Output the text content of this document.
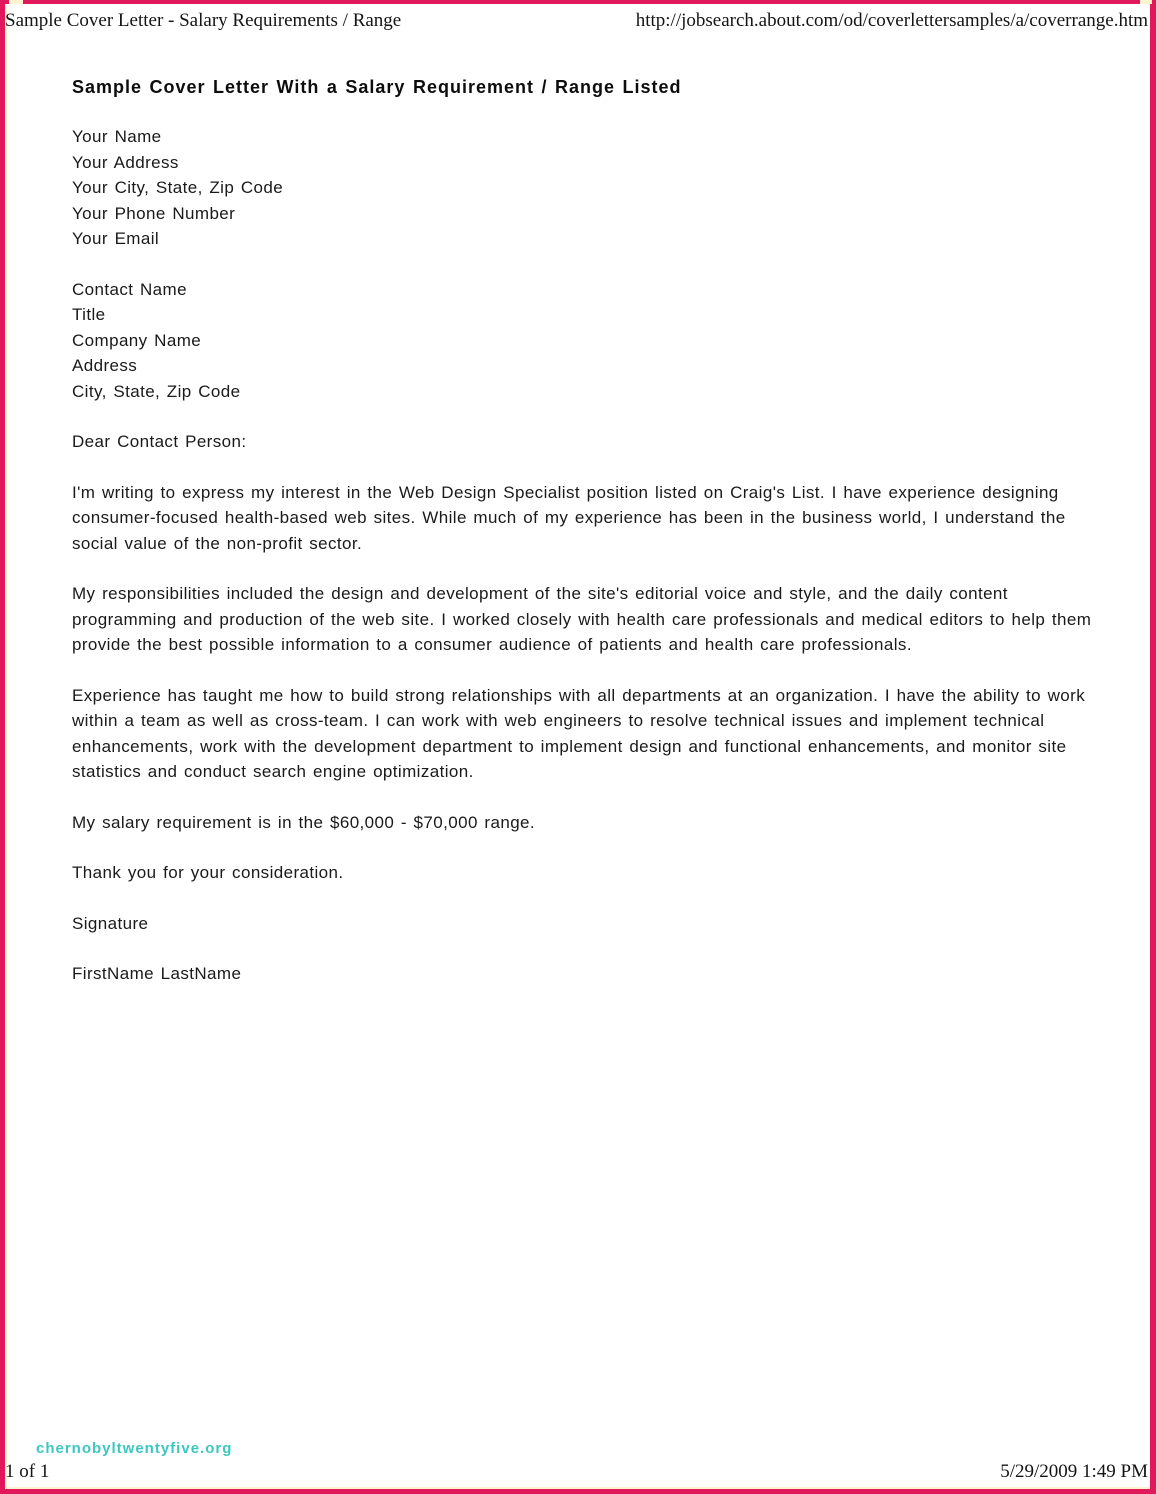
Sample Cover Letter - Salary Requirements / Range	http://jobsearch.about.com/od/coverlettersamples/a/coverrange.htm
Sample Cover Letter With a Salary Requirement / Range Listed
Your Name
Your Address
Your City, State, Zip Code
Your Phone Number
Your Email
Contact Name
Title
Company Name
Address
City, State, Zip Code

Dear Contact Person:

I'm writing to express my interest in the Web Design Specialist position listed on Craig's List. I have experience designing consumer-focused health-based web sites. While much of my experience has been in the business world, I understand the social value of the non-profit sector.

My responsibilities included the design and development of the site's editorial voice and style, and the daily content programming and production of the web site. I worked closely with health care professionals and medical editors to help them provide the best possible information to a consumer audience of patients and health care professionals.

Experience has taught me how to build strong relationships with all departments at an organization. I have the ability to work within a team as well as cross-team. I can work with web engineers to resolve technical issues and implement technical enhancements, work with the development department to implement design and functional enhancements, and monitor site statistics and conduct search engine optimization.

My salary requirement is in the $60,000 - $70,000 range.

Thank you for your consideration.

Signature

FirstName LastName

chernobyltwentyfive.org
1 of 1	5/29/2009 1:49 PM
